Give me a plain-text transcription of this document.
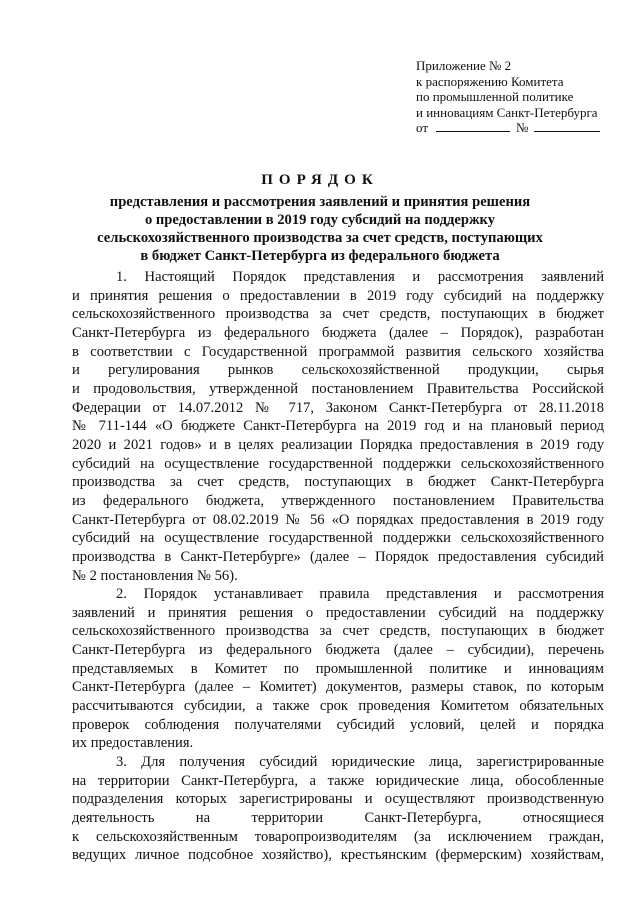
Приложение № 2
к распоряжению Комитета
по промышленной политике
и инновациям Санкт-Петербурга
от	№
ПОРЯДОК
представления и рассмотрения заявлений и принятия решения
о предоставлении в 2019 году субсидий на поддержку
сельскохозяйственного производства за счет средств, поступающих
в бюджет Санкт-Петербурга из федерального бюджета
1. Настоящий Порядок представления и рассмотрения заявлений
и принятия решения о предоставлении в 2019 году субсидий на поддержку
сельскохозяйственного производства за счет средств, поступающих в бюджет
Санкт-Петербурга из федерального бюджета (далее – Порядок), разработан
в соответствии с Государственной программой развития сельского хозяйства
и регулирования рынков сельскохозяйственной продукции, сырья
и продовольствия, утвержденной постановлением Правительства Российской
Федерации от 14.07.2012 № 717, Законом Санкт-Петербурга от 28.11.2018
№ 711-144 «О бюджете Санкт-Петербурга на 2019 год и на плановый период
2020 и 2021 годов» и в целях реализации Порядка предоставления в 2019 году
субсидий на осуществление государственной поддержки сельскохозяйственного
производства за счет средств, поступающих в бюджет Санкт-Петербурга
из федерального бюджета, утвержденного постановлением Правительства
Санкт-Петербурга от 08.02.2019 № 56 «О порядках предоставления в 2019 году
субсидий на осуществление государственной поддержки сельскохозяйственного
производства в Санкт-Петербурге» (далее – Порядок предоставления субсидий
№ 2 постановления № 56).
2. Порядок устанавливает правила представления и рассмотрения
заявлений и принятия решения о предоставлении субсидий на поддержку
сельскохозяйственного производства за счет средств, поступающих в бюджет
Санкт-Петербурга из федерального бюджета (далее – субсидии), перечень
представляемых в Комитет по промышленной политике и инновациям
Санкт-Петербурга (далее – Комитет) документов, размеры ставок, по которым
рассчитываются субсидии, а также срок проведения Комитетом обязательных
проверок соблюдения получателями субсидий условий, целей и порядка
их предоставления.
3. Для получения субсидий юридические лица, зарегистрированные
на территории Санкт-Петербурга, а также юридические лица, обособленные
подразделения которых зарегистрированы и осуществляют производственную
деятельность на территории Санкт-Петербурга, относящиеся
к сельскохозяйственным товаропроизводителям (за исключением граждан,
ведущих личное подсобное хозяйство), крестьянским (фермерским) хозяйствам,
